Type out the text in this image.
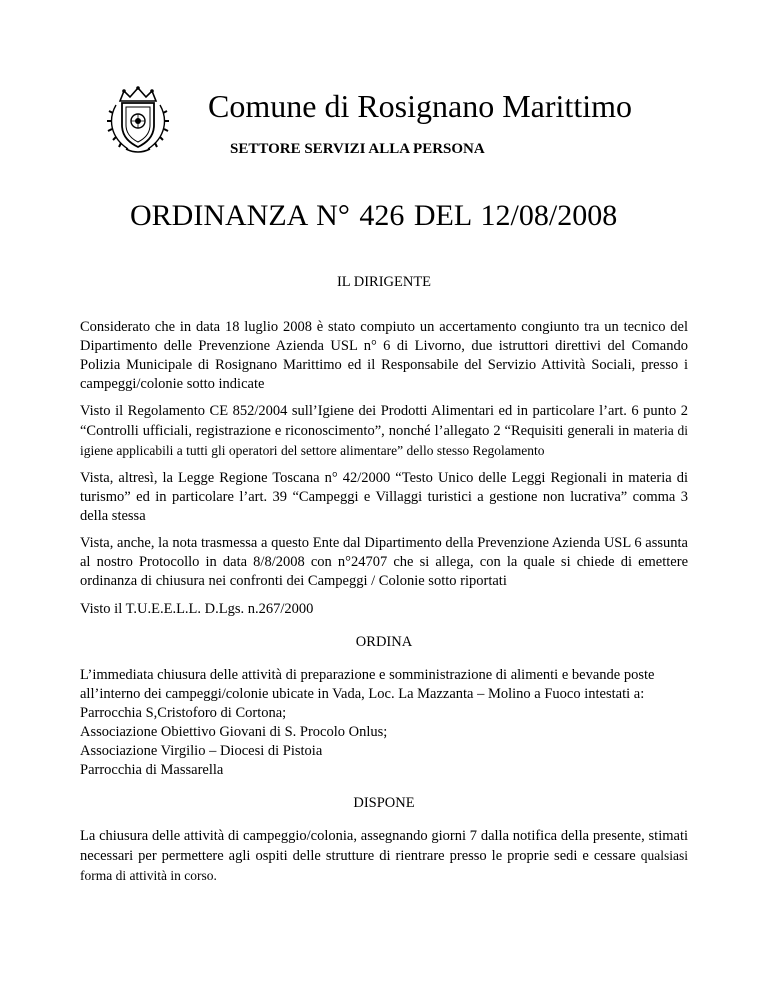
Comune di Rosignano Marittimo
SETTORE SERVIZI ALLA PERSONA
ORDINANZA N° 426 DEL 12/08/2008
IL DIRIGENTE

Considerato che in data 18 luglio 2008 è stato compiuto un accertamento congiunto tra un tecnico del Dipartimento delle Prevenzione Azienda USL n° 6 di Livorno, due istruttori direttivi del Comando Polizia Municipale di Rosignano Marittimo ed il Responsabile del Servizio Attività Sociali, presso i campeggi/colonie sotto indicate

Visto il Regolamento CE 852/2004 sull’Igiene dei Prodotti Alimentari ed in particolare l’art. 6 punto 2 “Controlli ufficiali, registrazione e riconoscimento”, nonché l’allegato 2 “Requisiti generali in materia di igiene applicabili a tutti gli operatori del settore alimentare” dello stesso Regolamento

Vista, altresì, la Legge Regione Toscana n° 42/2000 “Testo Unico delle Leggi Regionali in materia di turismo” ed in particolare l’art. 39 “Campeggi e Villaggi turistici a gestione non lucrativa” comma 3 della stessa

Vista, anche, la nota trasmessa a questo Ente dal Dipartimento della Prevenzione Azienda USL 6 assunta al nostro Protocollo in data 8/8/2008 con n°24707 che si allega, con la quale si chiede di emettere ordinanza di chiusura nei confronti dei Campeggi / Colonie sotto riportati

Visto il T.U.E.E.L.L. D.Lgs. n.267/2000

ORDINA

L’immediata chiusura delle attività di preparazione e somministrazione di alimenti e bevande poste all’interno dei campeggi/colonie ubicate in Vada, Loc. La Mazzanta – Molino a Fuoco intestati a:

Parrocchia S,Cristoforo di Cortona;
Associazione Obiettivo Giovani di S. Procolo Onlus;
Associazione Virgilio – Diocesi di Pistoia
Parrocchia di Massarella
DISPONE

La chiusura delle attività di campeggio/colonia, assegnando giorni 7 dalla notifica della presente, stimati necessari per permettere agli ospiti delle strutture di rientrare presso le proprie sedi e cessare qualsiasi forma di attività in corso.
